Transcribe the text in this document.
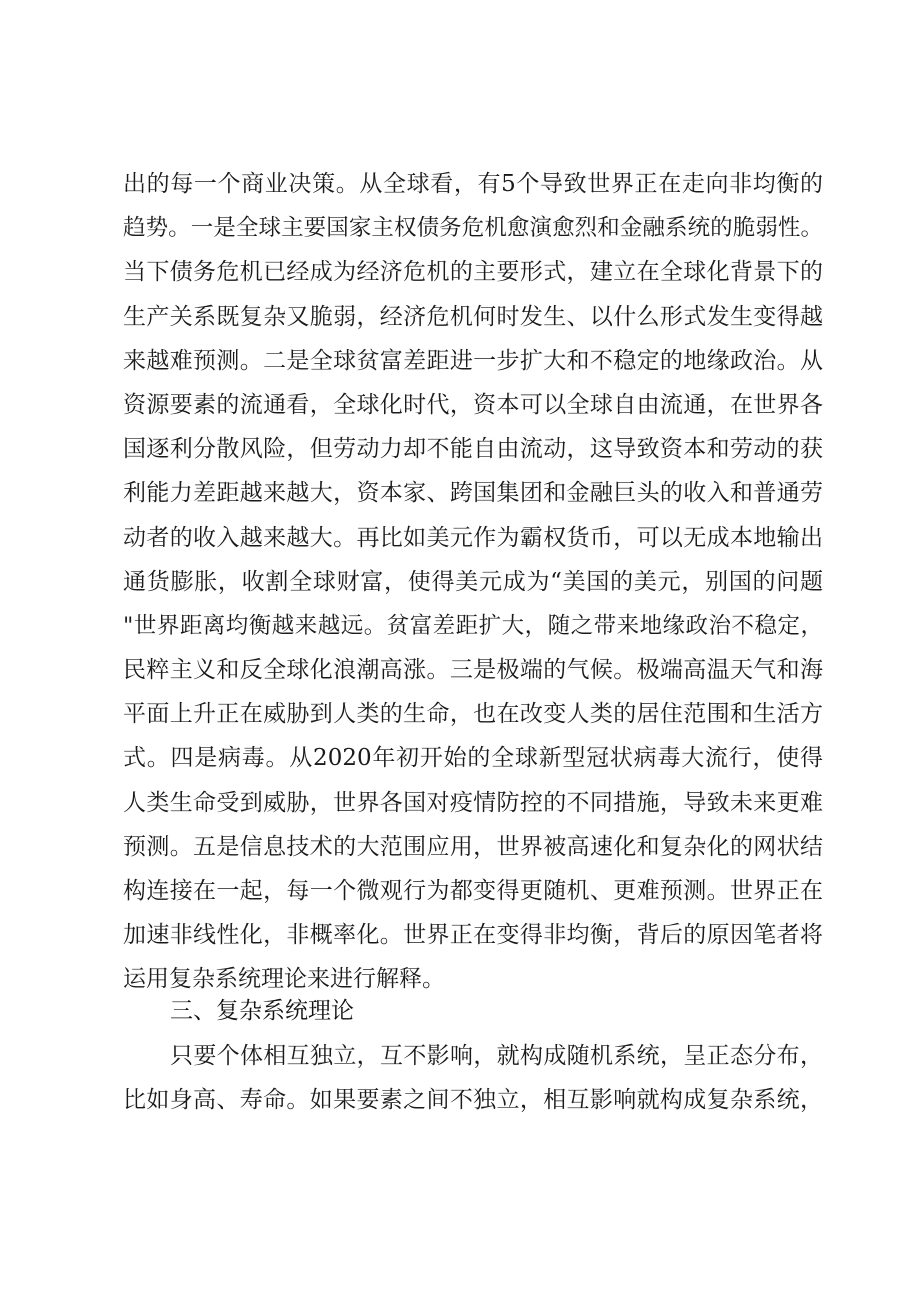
出的每一个商业决策。从全球看，有5个导致世界正在走向非均衡的
趋势。一是全球主要国家主权债务危机愈演愈烈和金融系统的脆弱性。
当下债务危机已经成为经济危机的主要形式，建立在全球化背景下的
生产关系既复杂又脆弱，经济危机何时发生、以什么形式发生变得越
来越难预测。二是全球贫富差距进一步扩大和不稳定的地缘政治。从
资源要素的流通看，全球化时代，资本可以全球自由流通，在世界各
国逐利分散风险，但劳动力却不能自由流动，这导致资本和劳动的获
利能力差距越来越大，资本家、跨国集团和金融巨头的收入和普通劳
动者的收入越来越大。再比如美元作为霸权货币，可以无成本地输出
通货膨胀，收割全球财富，使得美元成为“美国的美元，别国的问题
"世界距离均衡越来越远。贫富差距扩大，随之带来地缘政治不稳定，
民粹主义和反全球化浪潮高涨。三是极端的气候。极端高温天气和海
平面上升正在威胁到人类的生命，也在改变人类的居住范围和生活方
式。四是病毒。从2020年初开始的全球新型冠状病毒大流行，使得
人类生命受到威胁，世界各国对疫情防控的不同措施，导致未来更难
预测。五是信息技术的大范围应用，世界被高速化和复杂化的网状结
构连接在一起，每一个微观行为都变得更随机、更难预测。世界正在
加速非线性化，非概率化。世界正在变得非均衡，背后的原因笔者将
运用复杂系统理论来进行解释。
三、复杂系统理论
只要个体相互独立，互不影响，就构成随机系统，呈正态分布，
比如身高、寿命。如果要素之间不独立，相互影响就构成复杂系统，
